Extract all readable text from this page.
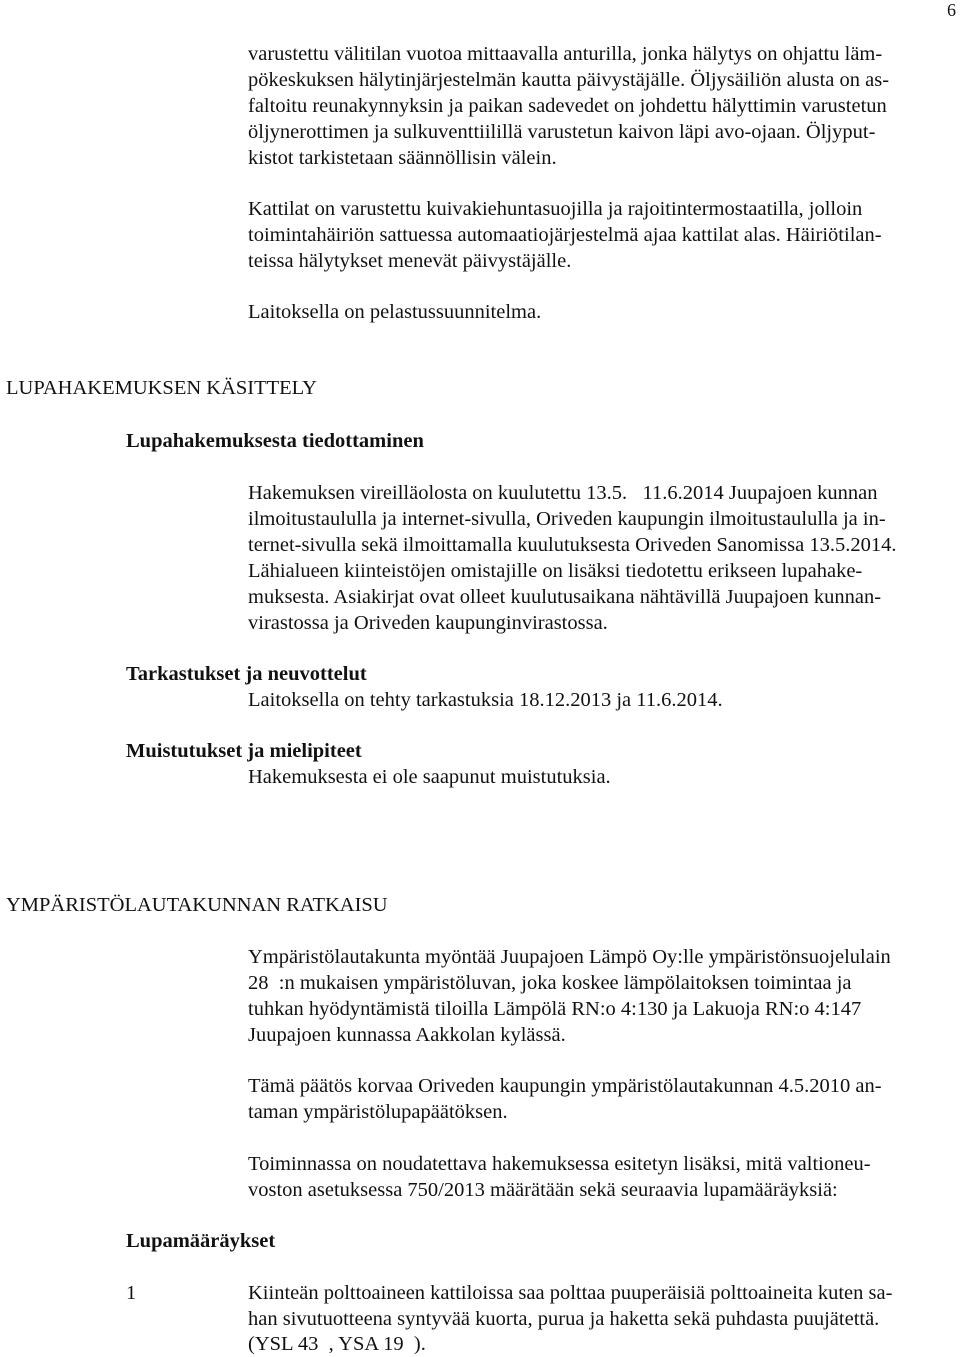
6
varustettu välitilan vuotoa mittaavalla anturilla, jonka hälytys on ohjattu läm-
pökeskuksen hälytinjärjestelmän kautta päivystäjälle. Öljysäiliön alusta on as-
faltoitu reunakynnyksin ja paikan sadevedet on johdettu hälyttimin varustetun
öljynerottimen ja sulkuventtiilillä varustetun kaivon läpi avo-ojaan. Öljyput-
kistot tarkistetaan säännöllisin välein.
Kattilat on varustettu kuivakiehuntasuojilla ja rajoitintermostaatilla, jolloin
toimintahäiriön sattuessa automaatiojärjestelmä ajaa kattilat alas. Häiriötilan-
teissa hälytykset menevät päivystäjälle.
Laitoksella on pelastussuunnitelma.
LUPAHAKEMUKSEN KÄSITTELY
Lupahakemuksesta tiedottaminen
Hakemuksen vireilläolosta on kuulutettu 13.5.   11.6.2014 Juupajoen kunnan
ilmoitustaululla ja internet-sivulla, Oriveden kaupungin ilmoitustaululla ja in-
ternet-sivulla sekä ilmoittamalla kuulutuksesta Oriveden Sanomissa 13.5.2014.
Lähialueen kiinteistöjen omistajille on lisäksi tiedotettu erikseen lupahake-
muksesta. Asiakirjat ovat olleet kuulutusaikana nähtävillä Juupajoen kunnan-
virastossa ja Oriveden kaupunginvirastossa.
Tarkastukset ja neuvottelut
Laitoksella on tehty tarkastuksia 18.12.2013 ja 11.6.2014.
Muistutukset ja mielipiteet
Hakemuksesta ei ole saapunut muistutuksia.
YMPÄRISTÖLAUTAKUNNAN RATKAISU
Ympäristölautakunta myöntää Juupajoen Lämpö Oy:lle ympäristönsuojelulain
28  :n mukaisen ympäristöluvan, joka koskee lämpölaitoksen toimintaa ja
tuhkan hyödyntämistä tiloilla Lämpölä RN:o 4:130 ja Lakuoja RN:o 4:147
Juupajoen kunnassa Aakkolan kylässä.
Tämä päätös korvaa Oriveden kaupungin ympäristölautakunnan 4.5.2010 an-
taman ympäristölupapäätöksen.
Toiminnassa on noudatettava hakemuksessa esitetyn lisäksi, mitä valtioneu-
voston asetuksessa 750/2013 määrätään sekä seuraavia lupamääräyksiä:
Lupamääräykset
1	Kiinteän polttoaineen kattiloissa saa polttaa puuperäisiä polttoaineita kuten sa-
han sivutuotteena syntyvää kuorta, purua ja haketta sekä puhdasta puujätettä.
(YSL 43  , YSA 19  ).
